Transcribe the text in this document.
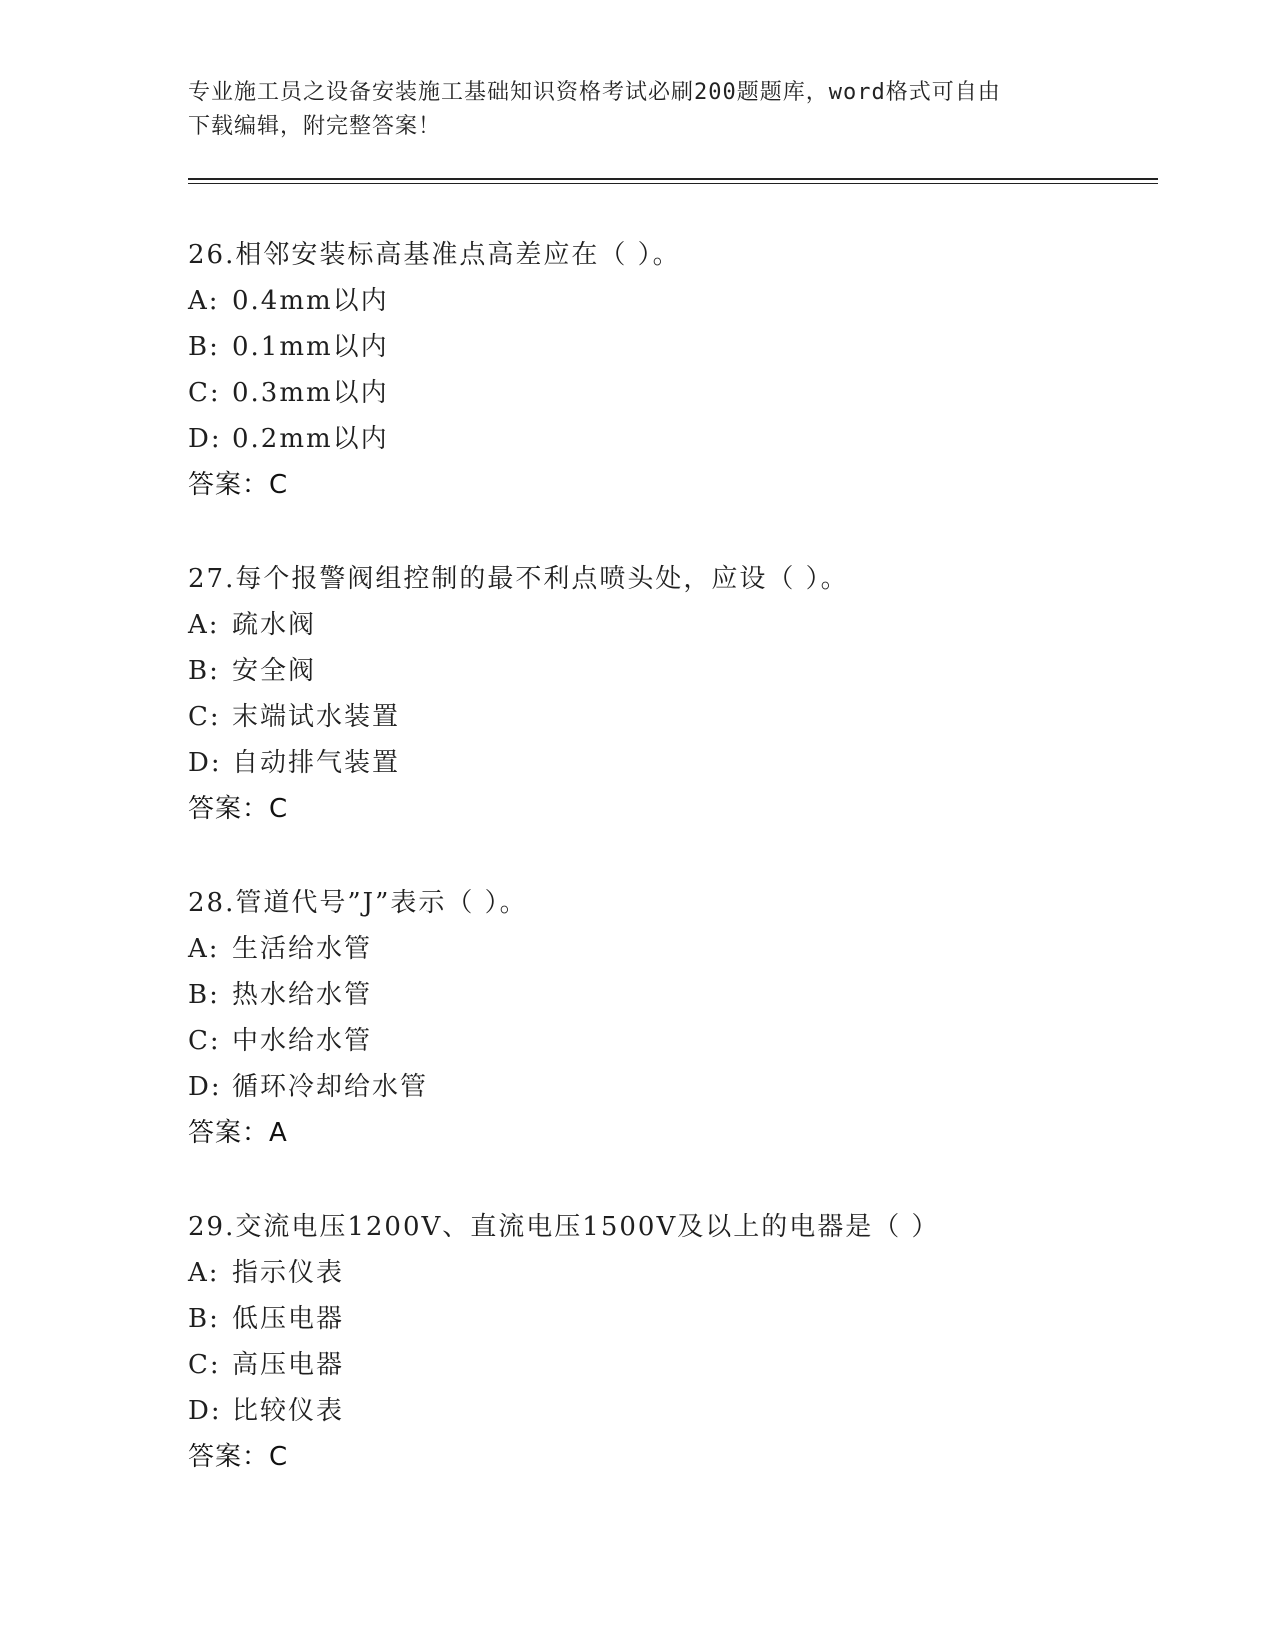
专业施工员之设备安装施工基础知识资格考试必刷200题题库，word格式可自由
下载编辑，附完整答案！
26.相邻安装标高基准点高差应在（ ）。
A: 0.4mm以内
B: 0.1mm以内
C: 0.3mm以内
D: 0.2mm以内
答案：C
27.每个报警阀组控制的最不利点喷头处，应设（ ）。
A: 疏水阀
B: 安全阀
C: 末端试水装置
D: 自动排气装置
答案：C
28.管道代号”J”表示（ ）。
A: 生活给水管
B: 热水给水管
C: 中水给水管
D: 循环冷却给水管
答案：A
29.交流电压1200V、直流电压1500V及以上的电器是（ ）
A: 指示仪表
B: 低压电器
C: 高压电器
D: 比较仪表
答案：C
